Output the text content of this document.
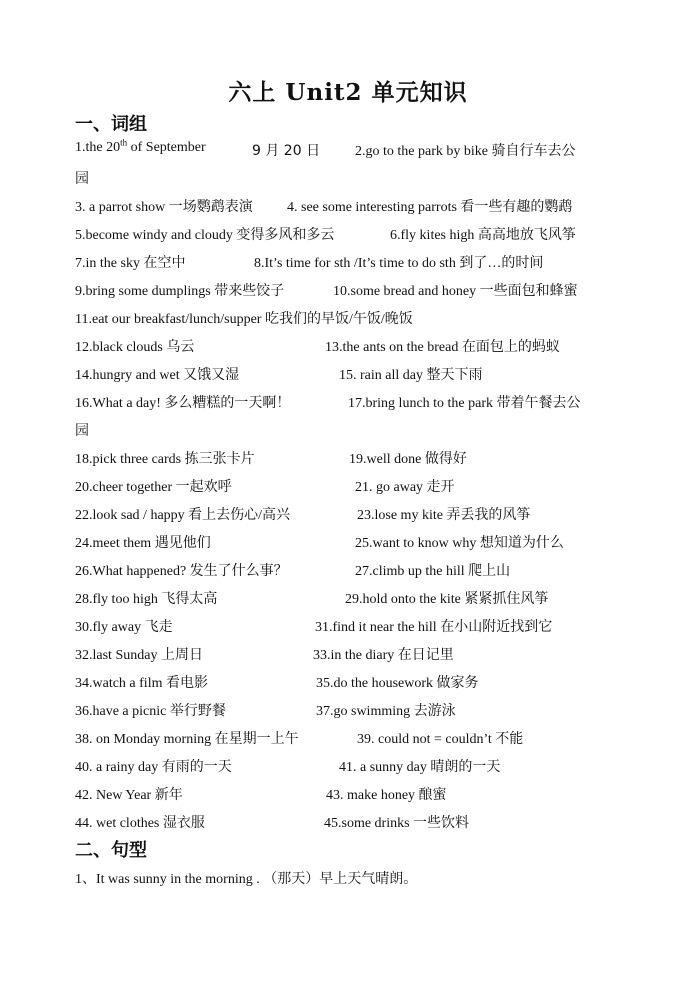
六上 Unit2 单元知识
一、词组
1.the 20th of September	9 月 20 日 2.go to the park by bike 骑自行车去公
园
3. a parrot show 一场鹦鹉表演 4. see some interesting parrots 看一些有趣的鹦鹉
5.become windy and cloudy 变得多风和多云	6.fly kites high 高高地放飞风筝
7.in the sky 在空中	8.It’s time for sth /It’s time to do sth 到了…的时间
9.bring some dumplings 带来些饺子	10.some bread and honey 一些面包和蜂蜜
11.eat our breakfast/lunch/supper 吃我们的早饭/午饭/晚饭
12.black clouds 乌云	13.the ants on the bread 在面包上的蚂蚁
14.hungry and wet 又饿又湿	15. rain all day 整天下雨
16.What a day! 多么糟糕的一天啊！	17.bring lunch to the park 带着午餐去公
园
18.pick three cards 拣三张卡片	19.well done 做得好
20.cheer together 一起欢呼	21. go away 走开
22.look sad / happy 看上去伤心/高兴	23.lose my kite 弄丢我的风筝
24.meet them 遇见他们	25.want to know why 想知道为什么
26.What happened? 发生了什么事？	27.climb up the hill 爬上山
28.fly too high 飞得太高	29.hold onto the kite 紧紧抓住风筝
30.fly away 飞走	31.find it near the hill 在小山附近找到它
32.last Sunday 上周日	33.in the diary 在日记里
34.watch a film 看电影	35.do the housework 做家务
36.have a picnic 举行野餐	37.go swimming 去游泳
38. on Monday morning 在星期一上午	39. could not = couldn’t 不能
40. a rainy day 有雨的一天	41. a sunny day 晴朗的一天
42. New Year 新年	43. make honey 酿蜜
44. wet clothes 湿衣服	45.some drinks 一些饮料
二、句型
1、It was sunny in the morning . （那天）早上天气晴朗。
